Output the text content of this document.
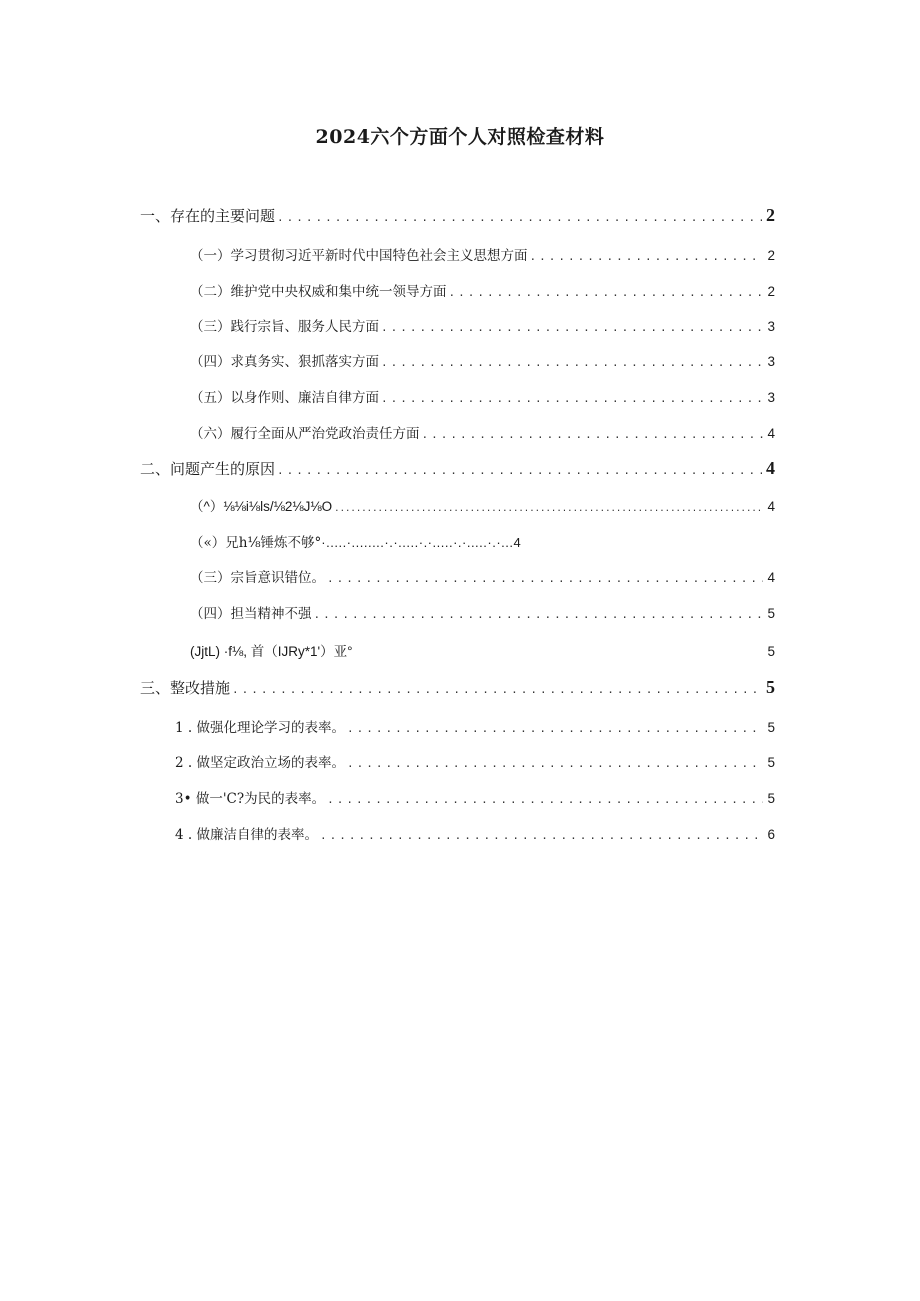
2024六个方面个人对照检查材料
一、存在的主要问题 .....	2
（一）学习贯彻习近平新时代中国特色社会主义思想方面 .....	2
（二）维护党中央权威和集中统一领导方面 .....	2
（三）践行宗旨、服务人民方面 .....	3
（四）求真务实、狠抓落实方面 .....	3
（五）以身作则、廉洁自律方面 .....	3
（六）履行全面从严治党政治责任方面 .....	4
二、问题产生的原因 .....	4
（^）⅛⅛i⅛ls/⅛2⅛J⅛O .....	4
（«）兄h⅛锤炼不够° ·.....·........·.·.....·.·.....·.·.....·.·...4
（三）宗旨意识错位。 .....	4
（四）担当精神不强 .....	5
(JjtL) ·f⅛, 首（IJRy*1'）亚°	5
三、整改措施 .....	5
1 . 做强化理论学习的表率。 .....	5
2 . 做坚定政治立场的表率。 .....	5
3• 做一'C?为民的表率。 .....	5
4 . 做廉洁自律的表率。 .....	6
